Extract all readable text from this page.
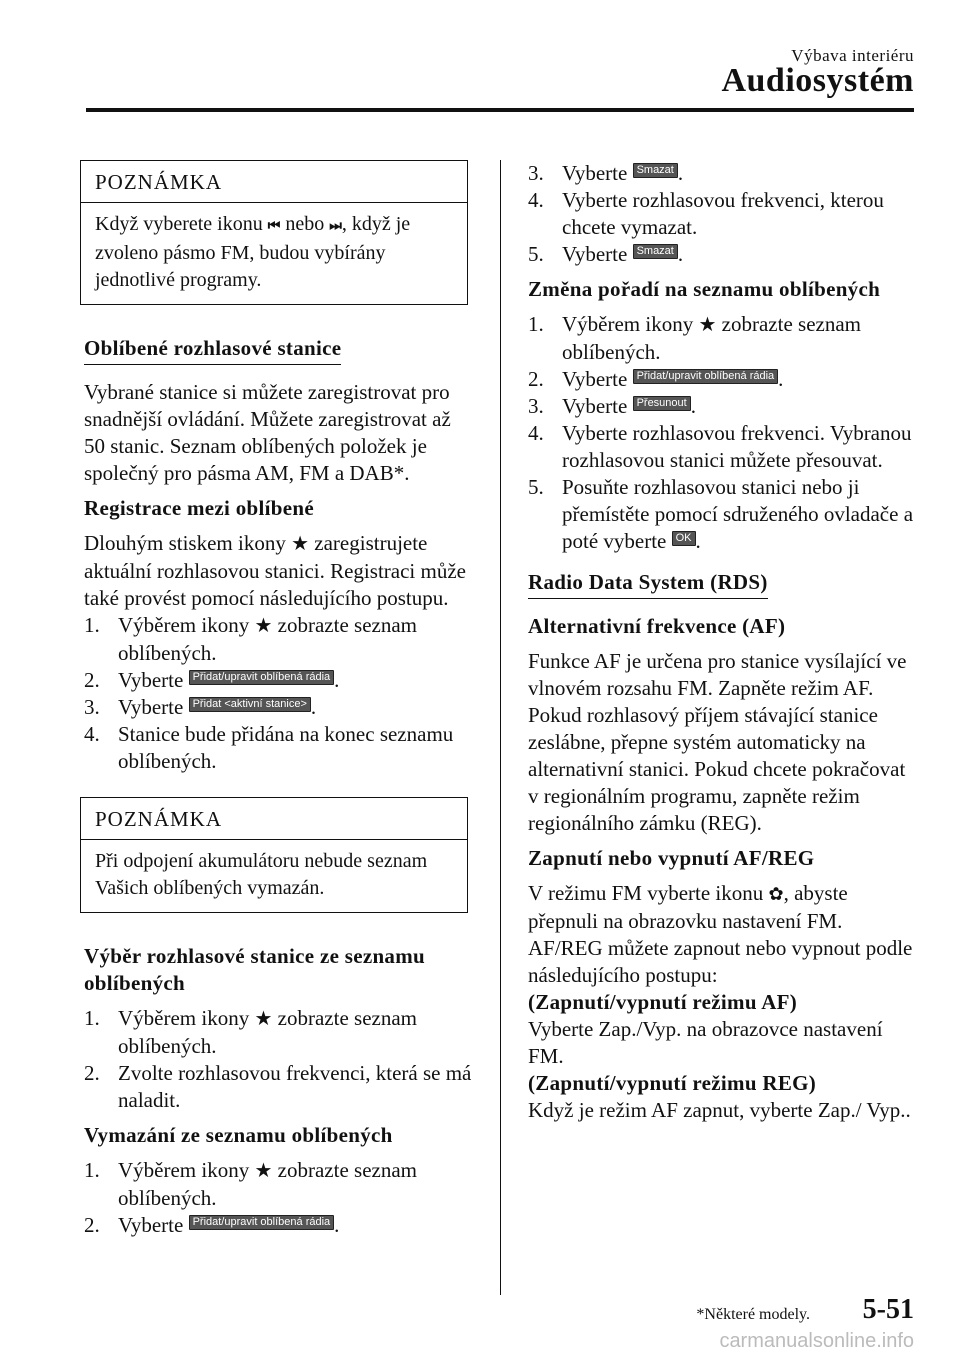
Výbava interiéru
Audiosystém
POZNÁMKA
Když vyberete ikonu ⏮ nebo ⏭, když je zvoleno pásmo FM, budou vybírány jednotlivé programy.
Oblíbené rozhlasové stanice

Vybrané stanice si můžete zaregistrovat pro snadnější ovládání. Můžete zaregistrovat až 50 stanic. Seznam oblíbených položek je společný pro pásma AM, FM a DAB*.

Registrace mezi oblíbené

Dlouhým stiskem ikony ★ zaregistrujete aktuální rozhlasovou stanici. Registraci může také provést pomocí následujícího postupu.

1. Výběrem ikony ★ zobrazte seznam oblíbených.
2. Vyberte Přidat/upravit oblíbená rádia .
3. Vyberte Přidat <aktivní stanice> .
4. Stanice bude přidána na konec seznamu oblíbených.
POZNÁMKA
Při odpojení akumulátoru nebude seznam Vašich oblíbených vymazán.
Výběr rozhlasové stanice ze seznamu oblíbených
1. Výběrem ikony ★ zobrazte seznam oblíbených.
2. Zvolte rozhlasovou frekvenci, která se má naladit.
Vymazání ze seznamu oblíbených
1. Výběrem ikony ★ zobrazte seznam oblíbených.
2. Vyberte Přidat/upravit oblíbená rádia .
3. Vyberte Smazat .
4. Vyberte rozhlasovou frekvenci, kterou chcete vymazat.
5. Vyberte Smazat .
Změna pořadí na seznamu oblíbených
1. Výběrem ikony ★ zobrazte seznam oblíbených.
2. Vyberte Přidat/upravit oblíbená rádia .
3. Vyberte Přesunout .
4. Vyberte rozhlasovou frekvenci. Vybranou rozhlasovou stanici můžete přesouvat.
5. Posuňte rozhlasovou stanici nebo ji přemístěte pomocí sdruženého ovladače a poté vyberte OK .
Radio Data System (RDS)
Alternativní frekvence (AF)

Funkce AF je určena pro stanice vysílající ve vlnovém rozsahu FM. Zapněte režim AF. Pokud rozhlasový příjem stávající stanice zeslábne, přepne systém automaticky na alternativní stanici. Pokud chcete pokračovat v regionálním programu, zapněte režim regionálního zámku (REG).

Zapnutí nebo vypnutí AF/REG

V režimu FM vyberte ikonu ✿, abyste přepnuli na obrazovku nastavení FM. AF/REG můžete zapnout nebo vypnout podle následujícího postupu:

(Zapnutí/vypnutí režimu AF)

Vyberte Zap./Vyp. na obrazovce nastavení FM.

(Zapnutí/vypnutí režimu REG)

Když je režim AF zapnut, vyberte Zap./ Vyp..

*Některé modely. 5-51
carmanualsonline.info
